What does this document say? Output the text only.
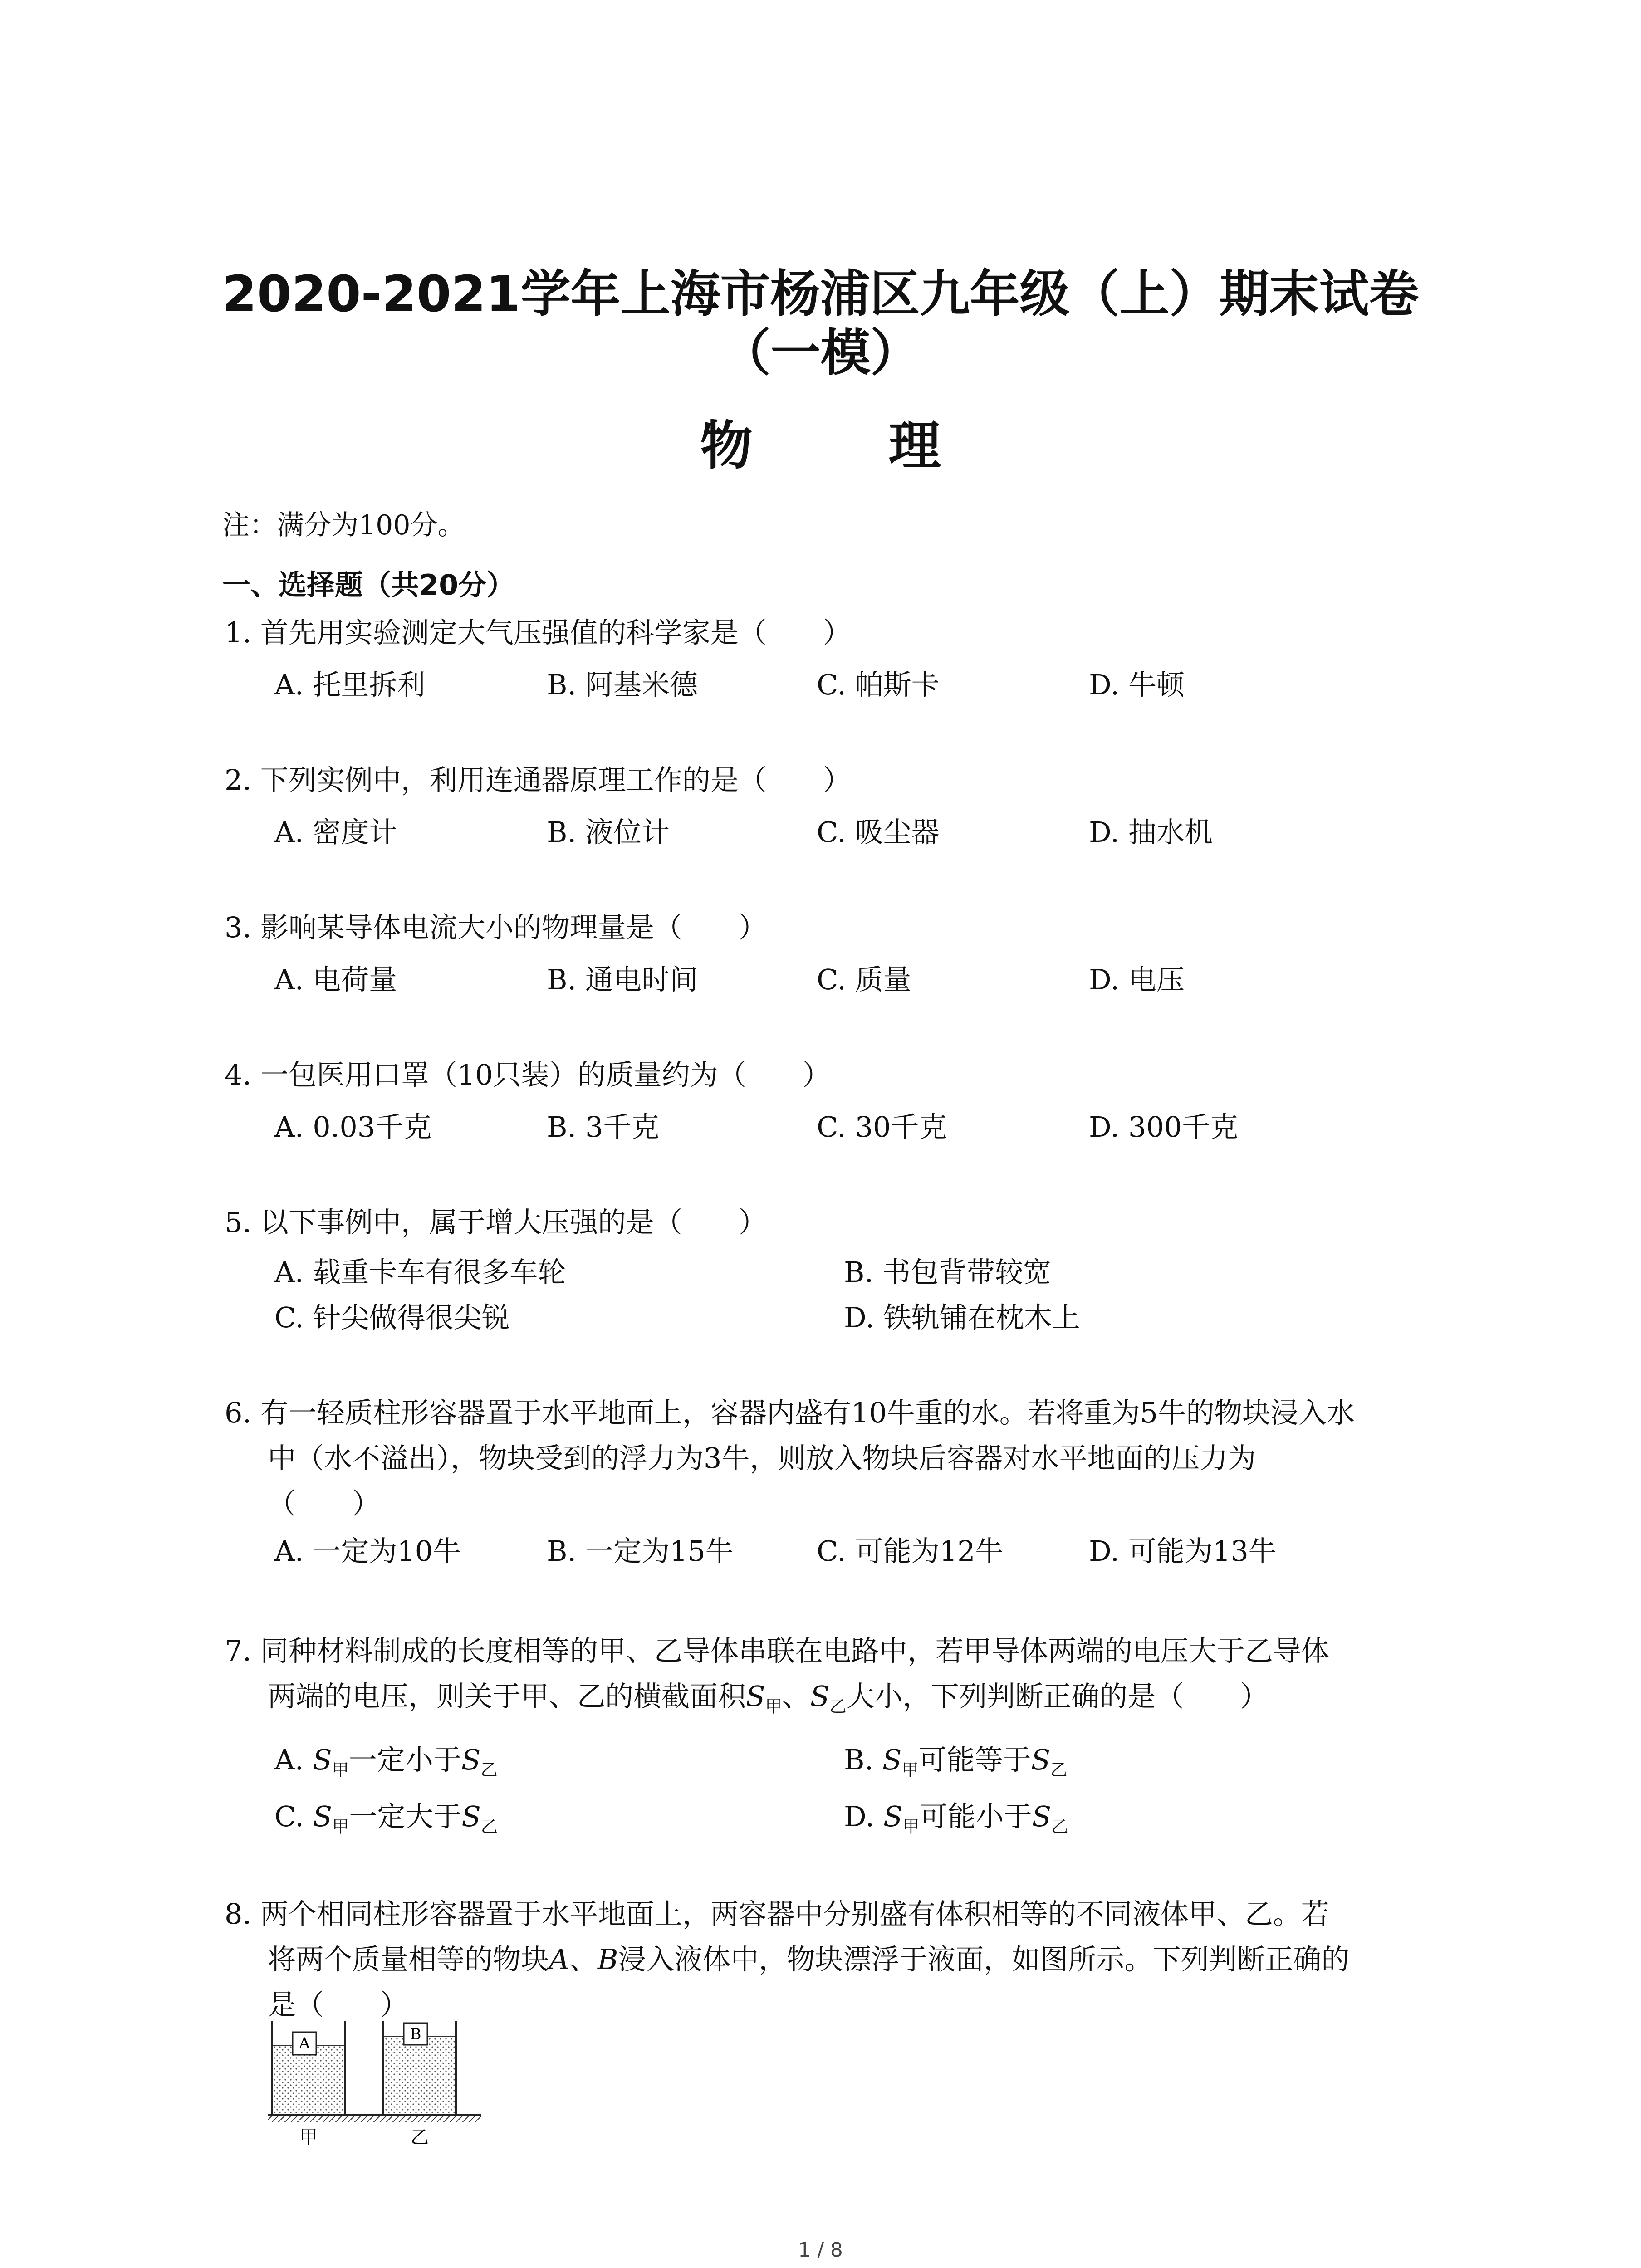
2020-2021学年上海市杨浦区九年级（上）期末试卷
（一模）
物 理
注：满分为100分。
一、选择题（共20分）
1. 首先用实验测定大气压强值的科学家是（　　）
A. 托里拆利	B. 阿基米德	C. 帕斯卡	D. 牛顿
2. 下列实例中，利用连通器原理工作的是（　　）
A. 密度计	B. 液位计	C. 吸尘器	D. 抽水机
3. 影响某导体电流大小的物理量是（　　）
A. 电荷量	B. 通电时间	C. 质量	D. 电压
4. 一包医用口罩（10只装）的质量约为（　　）
A. 0.03千克	B. 3千克	C. 30千克	D. 300千克
5. 以下事例中，属于增大压强的是（　　）
A. 载重卡车有很多车轮	B. 书包背带较宽
C. 针尖做得很尖锐	D. 铁轨铺在枕木上
6. 有一轻质柱形容器置于水平地面上，容器内盛有10牛重的水。若将重为5牛的物块浸入水
中（水不溢出），物块受到的浮力为3牛，则放入物块后容器对水平地面的压力为
（　　）
A. 一定为10牛	B. 一定为15牛	C. 可能为12牛	D. 可能为13牛
7. 同种材料制成的长度相等的甲、乙导体串联在电路中，若甲导体两端的电压大于乙导体
两端的电压，则关于甲、乙的横截面积$S_甲$、$S_乙$大小，下列判断正确的是（　　）
A. $S_甲$一定小于$S_乙$	B. $S_甲$可能等于$S_乙$
C. $S_甲$一定大于$S_乙$	D. $S_甲$可能小于$S_乙$
8. 两个相同柱形容器置于水平地面上，两容器中分别盛有体积相等的不同液体甲、乙。若
将两个质量相等的物块A、B浸入液体中，物块漂浮于液面，如图所示。下列判断正确的
是（　　）
A	B
甲	乙
1 / 8
